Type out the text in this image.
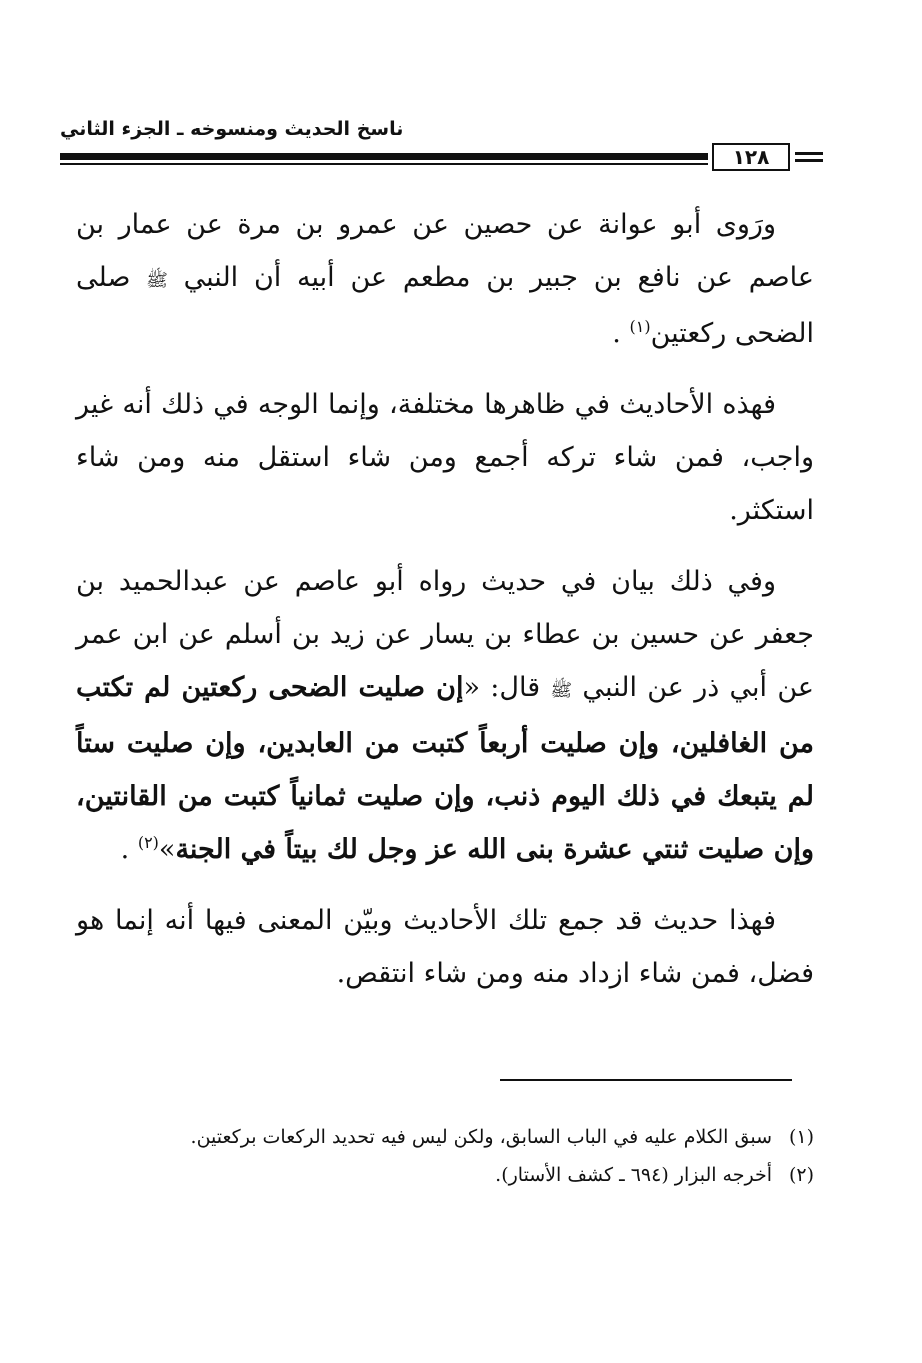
ناسخ الحديث ومنسوخه ـ الجزء الثاني
١٢٨

ورَوى أبو عوانة عن حصين عن عمرو بن مرة عن عمار بن عاصم عن نافع بن جبير بن مطعم عن أبيه أن النبي ﷺ صلى الضحى ركعتين$^{(١)}$ .

فهذه الأحاديث في ظاهرها مختلفة، وإنما الوجه في ذلك أنه غير واجب، فمن شاء تركه أجمع ومن شاء استقل منه ومن شاء استكثر.

وفي ذلك بيان في حديث رواه أبو عاصم عن عبدالحميد بن جعفر عن حسين بن عطاء بن يسار عن زيد بن أسلم عن ابن عمر عن أبي ذر عن النبي ﷺ قال: «إن صليت الضحى ركعتين لم تكتب من الغافلين، وإن صليت أربعاً كتبت من العابدين، وإن صليت ستاً لم يتبعك في ذلك اليوم ذنب، وإن صليت ثمانياً كتبت من القانتين، وإن صليت ثنتي عشرة بنى الله عز وجل لك بيتاً في الجنة»$^{(٢)}$ .

فهذا حديث قد جمع تلك الأحاديث وبيّن المعنى فيها أنه إنما هو فضل، فمن شاء ازداد منه ومن شاء انتقص.

(١)
سبق الكلام عليه في الباب السابق، ولكن ليس فيه تحديد الركعات بركعتين.
(٢)
أخرجه البزار (٦٩٤ ـ كشف الأستار).
